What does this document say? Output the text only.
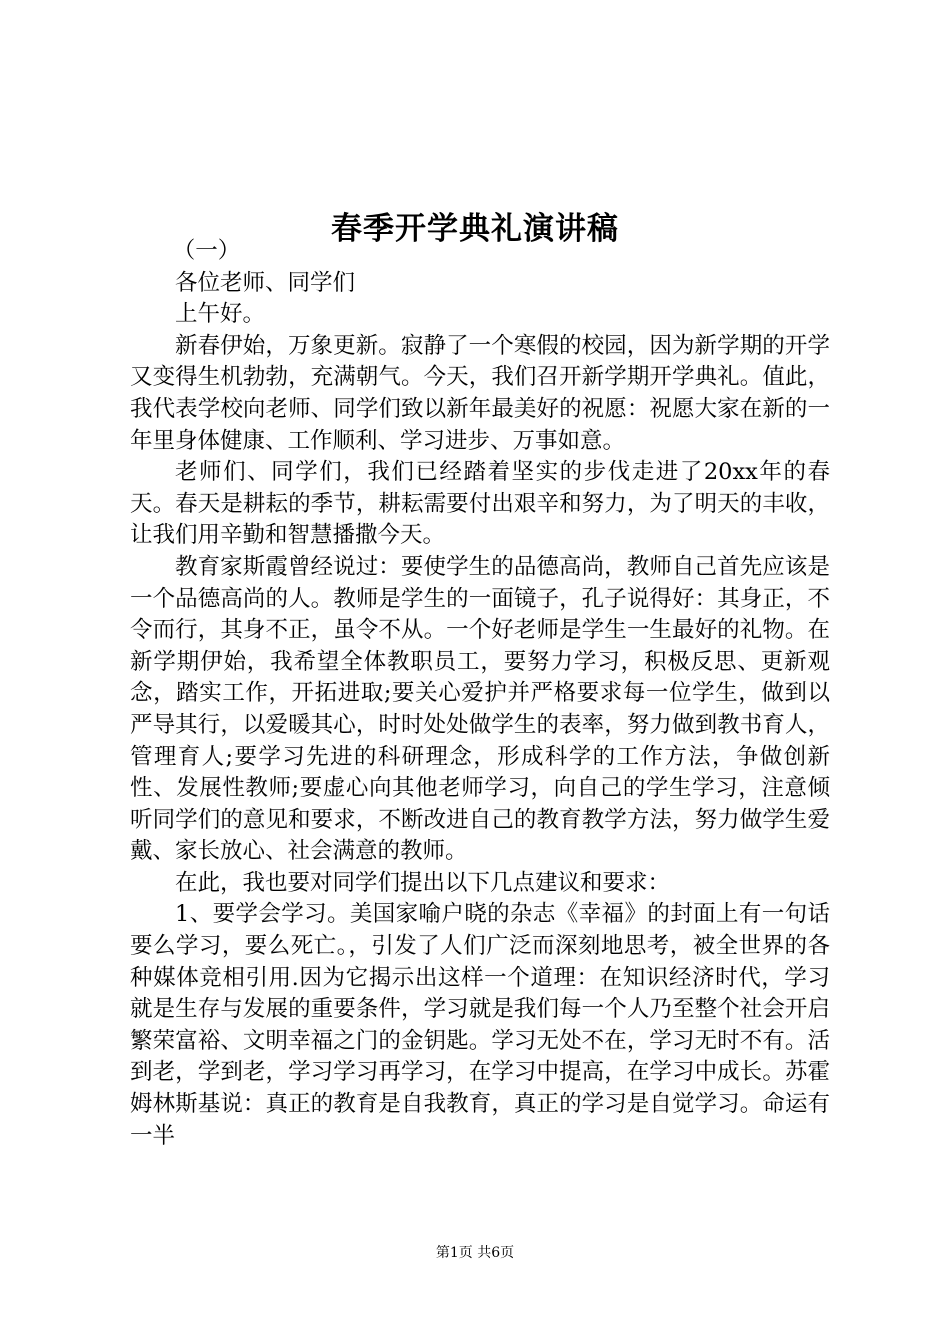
春季开学典礼演讲稿

（一）

各位老师、同学们

上午好。

新春伊始，万象更新。寂静了一个寒假的校园，因为新学期的开学又变得生机勃勃，充满朝气。今天，我们召开新学期开学典礼。值此，我代表学校向老师、同学们致以新年最美好的祝愿：祝愿大家在新的一年里身体健康、工作顺利、学习进步、万事如意。

老师们、同学们，我们已经踏着坚实的步伐走进了20xx年的春天。春天是耕耘的季节，耕耘需要付出艰辛和努力，为了明天的丰收，让我们用辛勤和智慧播撒今天。

教育家斯霞曾经说过：要使学生的品德高尚，教师自己首先应该是一个品德高尚的人。教师是学生的一面镜子，孔子说得好：其身正，不令而行，其身不正，虽令不从。一个好老师是学生一生最好的礼物。在新学期伊始，我希望全体教职员工，要努力学习，积极反思、更新观念，踏实工作，开拓进取;要关心爱护并严格要求每一位学生，做到以严导其行，以爱暖其心，时时处处做学生的表率，努力做到教书育人，管理育人;要学习先进的科研理念，形成科学的工作方法，争做创新性、发展性教师;要虚心向其他老师学习，向自己的学生学习，注意倾听同学们的意见和要求，不断改进自己的教育教学方法，努力做学生爱戴、家长放心、社会满意的教师。

在此，我也要对同学们提出以下几点建议和要求：

1、要学会学习。美国家喻户晓的杂志《幸福》的封面上有一句话要么学习，要么死亡。，引发了人们广泛而深刻地思考，被全世界的各种媒体竞相引用.因为它揭示出这样一个道理：在知识经济时代，学习就是生存与发展的重要条件，学习就是我们每一个人乃至整个社会开启繁荣富裕、文明幸福之门的金钥匙。学习无处不在，学习无时不有。活到老，学到老，学习学习再学习，在学习中提高，在学习中成长。苏霍姆林斯基说：真正的教育是自我教育，真正的学习是自觉学习。命运有一半

第1页 共6页
